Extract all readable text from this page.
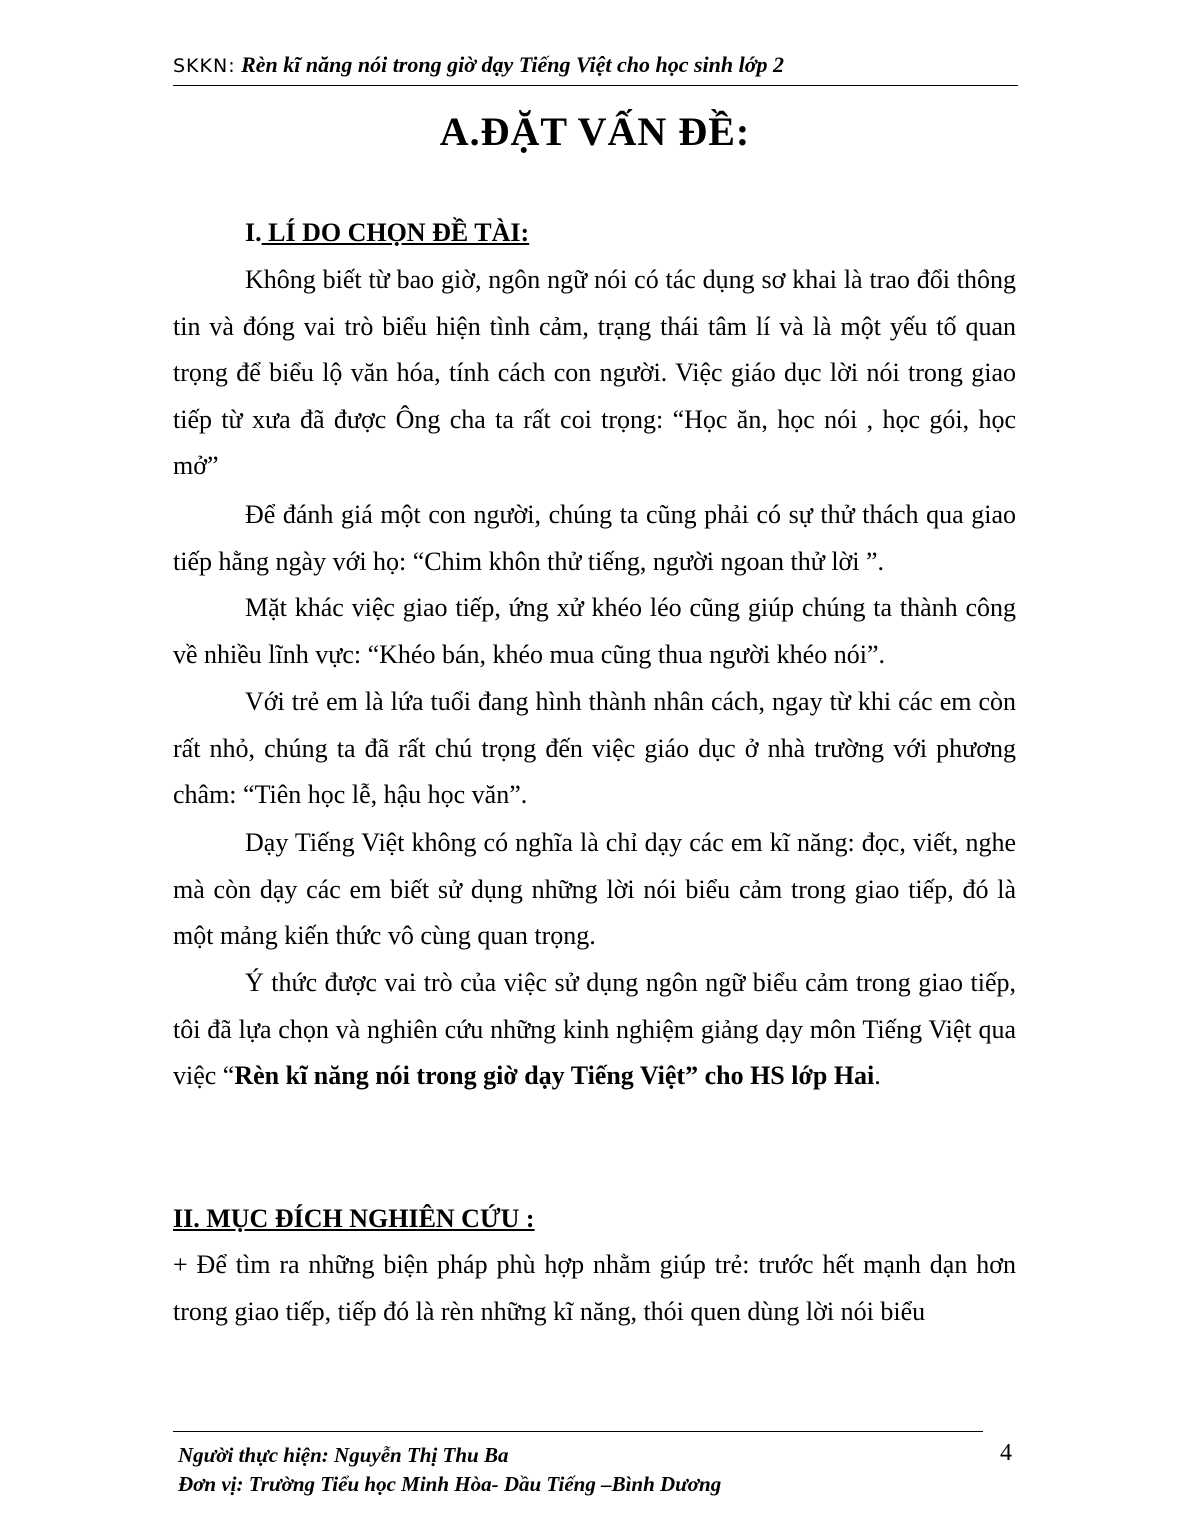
SKKN: Rèn kĩ năng nói trong giờ dạy Tiếng Việt cho học sinh lớp 2
A.ĐẶT VẤN ĐỀ:
I. LÍ DO CHỌN ĐỀ TÀI:
Không biết từ bao giờ, ngôn ngữ nói có tác dụng sơ khai là trao đổi thông tin và đóng vai trò biểu hiện tình cảm, trạng thái tâm lí và là một yếu tố quan trọng để biểu lộ văn hóa, tính cách con người. Việc giáo dục lời nói trong giao tiếp từ xưa đã được Ông cha ta rất coi trọng: “Học ăn, học nói , học gói, học mở”
Để đánh giá một con người, chúng ta cũng phải có sự thử thách qua giao tiếp hằng ngày với họ: “Chim khôn thử tiếng, người ngoan thử lời ”.
Mặt khác việc giao tiếp, ứng xử khéo léo cũng giúp chúng ta thành công về nhiều lĩnh vực: “Khéo bán, khéo mua cũng thua người khéo nói”.
Với trẻ em là lứa tuổi đang hình thành nhân cách, ngay từ khi các em còn rất nhỏ, chúng ta đã rất chú trọng đến việc giáo dục ở nhà trường với phương châm: “Tiên học lễ, hậu học văn”.
Dạy Tiếng Việt không có nghĩa là chỉ dạy các em kĩ năng: đọc, viết, nghe mà còn dạy các em biết sử dụng những lời nói biểu cảm trong giao tiếp, đó là một mảng kiến thức vô cùng quan trọng.
Ý thức được vai trò của việc sử dụng ngôn ngữ biểu cảm trong giao tiếp, tôi đã lựa chọn và nghiên cứu những kinh nghiệm giảng dạy môn Tiếng Việt qua việc “Rèn kĩ năng nói trong giờ dạy Tiếng Việt” cho HS lớp Hai.
II. MỤC ĐÍCH NGHIÊN CỨU :
+ Để tìm ra những biện pháp phù hợp nhằm giúp trẻ: trước hết mạnh dạn hơn trong giao tiếp, tiếp đó là rèn những kĩ năng, thói quen dùng lời nói biểu
Người thực hiện: Nguyễn Thị Thu Ba
Đơn vị: Trường Tiểu học Minh Hòa- Dầu Tiếng –Bình Dương
4
